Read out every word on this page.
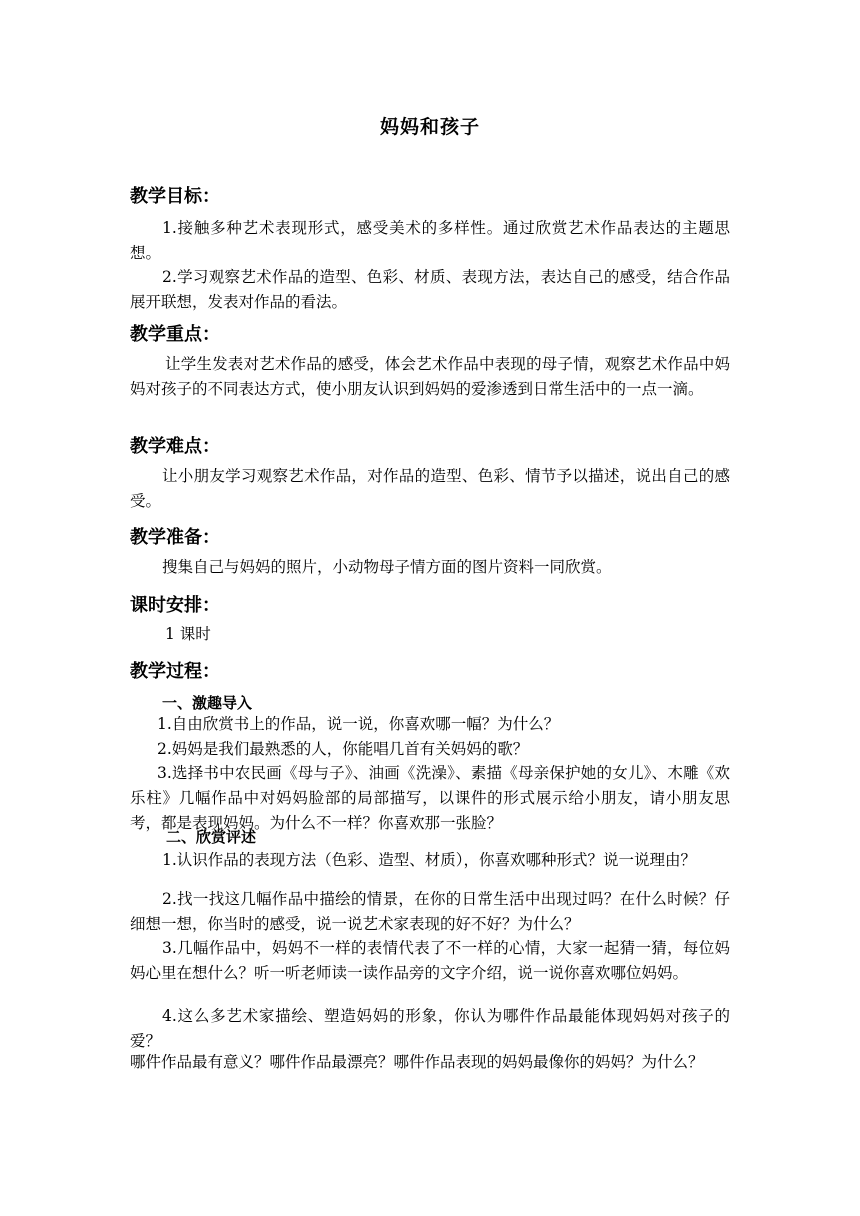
妈妈和孩子
教学目标：

1.接触多种艺术表现形式，感受美术的多样性。通过欣赏艺术作品表达的主题思想。

2.学习观察艺术作品的造型、色彩、材质、表现方法，表达自己的感受，结合作品展开联想，发表对作品的看法。

教学重点：

让学生发表对艺术作品的感受，体会艺术作品中表现的母子情，观察艺术作品中妈妈对孩子的不同表达方式，使小朋友认识到妈妈的爱渗透到日常生活中的一点一滴。

教学难点：

让小朋友学习观察艺术作品，对作品的造型、色彩、情节予以描述，说出自己的感受。

教学准备：

搜集自己与妈妈的照片，小动物母子情方面的图片资料一同欣赏。

课时安排：
1 课时
教学过程：
一、激趣导入
1.自由欣赏书上的作品，说一说，你喜欢哪一幅？为什么？
2.妈妈是我们最熟悉的人，你能唱几首有关妈妈的歌？

3.选择书中农民画《母与子》、油画《洗澡》、素描《母亲保护她的女儿》、木雕《欢乐柱》几幅作品中对妈妈脸部的局部描写，以课件的形式展示给小朋友，请小朋友思考，都是表现妈妈。为什么不一样？你喜欢那一张脸？

二、欣赏评述

1.认识作品的表现方法（色彩、造型、材质），你喜欢哪种形式？说一说理由？

2.找一找这几幅作品中描绘的情景，在你的日常生活中出现过吗？在什么时候？仔细想一想，你当时的感受，说一说艺术家表现的好不好？为什么？

3.几幅作品中，妈妈不一样的表情代表了不一样的心情，大家一起猜一猜，每位妈妈心里在想什么？听一听老师读一读作品旁的文字介绍，说一说你喜欢哪位妈妈。

4.这么多艺术家描绘、塑造妈妈的形象，你认为哪件作品最能体现妈妈对孩子的爱？

哪件作品最有意义？哪件作品最漂亮？哪件作品表现的妈妈最像你的妈妈？为什么？
